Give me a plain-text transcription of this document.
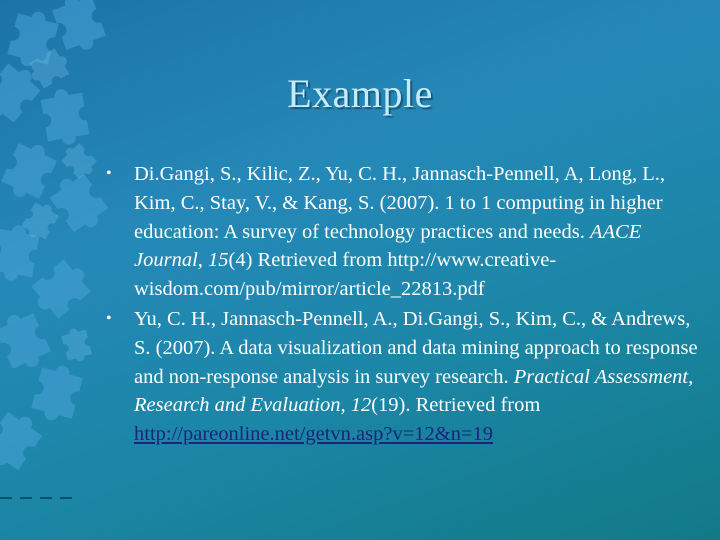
Example

• Di.Gangi, S., Kilic, Z., Yu, C. H., Jannasch-Pennell, A, Long, L., Kim, C., Stay, V., & Kang, S. (2007). 1 to 1 computing in higher education: A survey of technology practices and needs. AACE Journal, 15(4) Retrieved from http://www.creative-wisdom.com/pub/mirror/article_22813.pdf

• Yu, C. H., Jannasch-Pennell, A., Di.Gangi, S., Kim, C., & Andrews, S. (2007). A data visualization and data mining approach to response and non-response analysis in survey research. Practical Assessment, Research and Evaluation, 12(19). Retrieved from http://pareonline.net/getvn.asp?v=12&n=19
